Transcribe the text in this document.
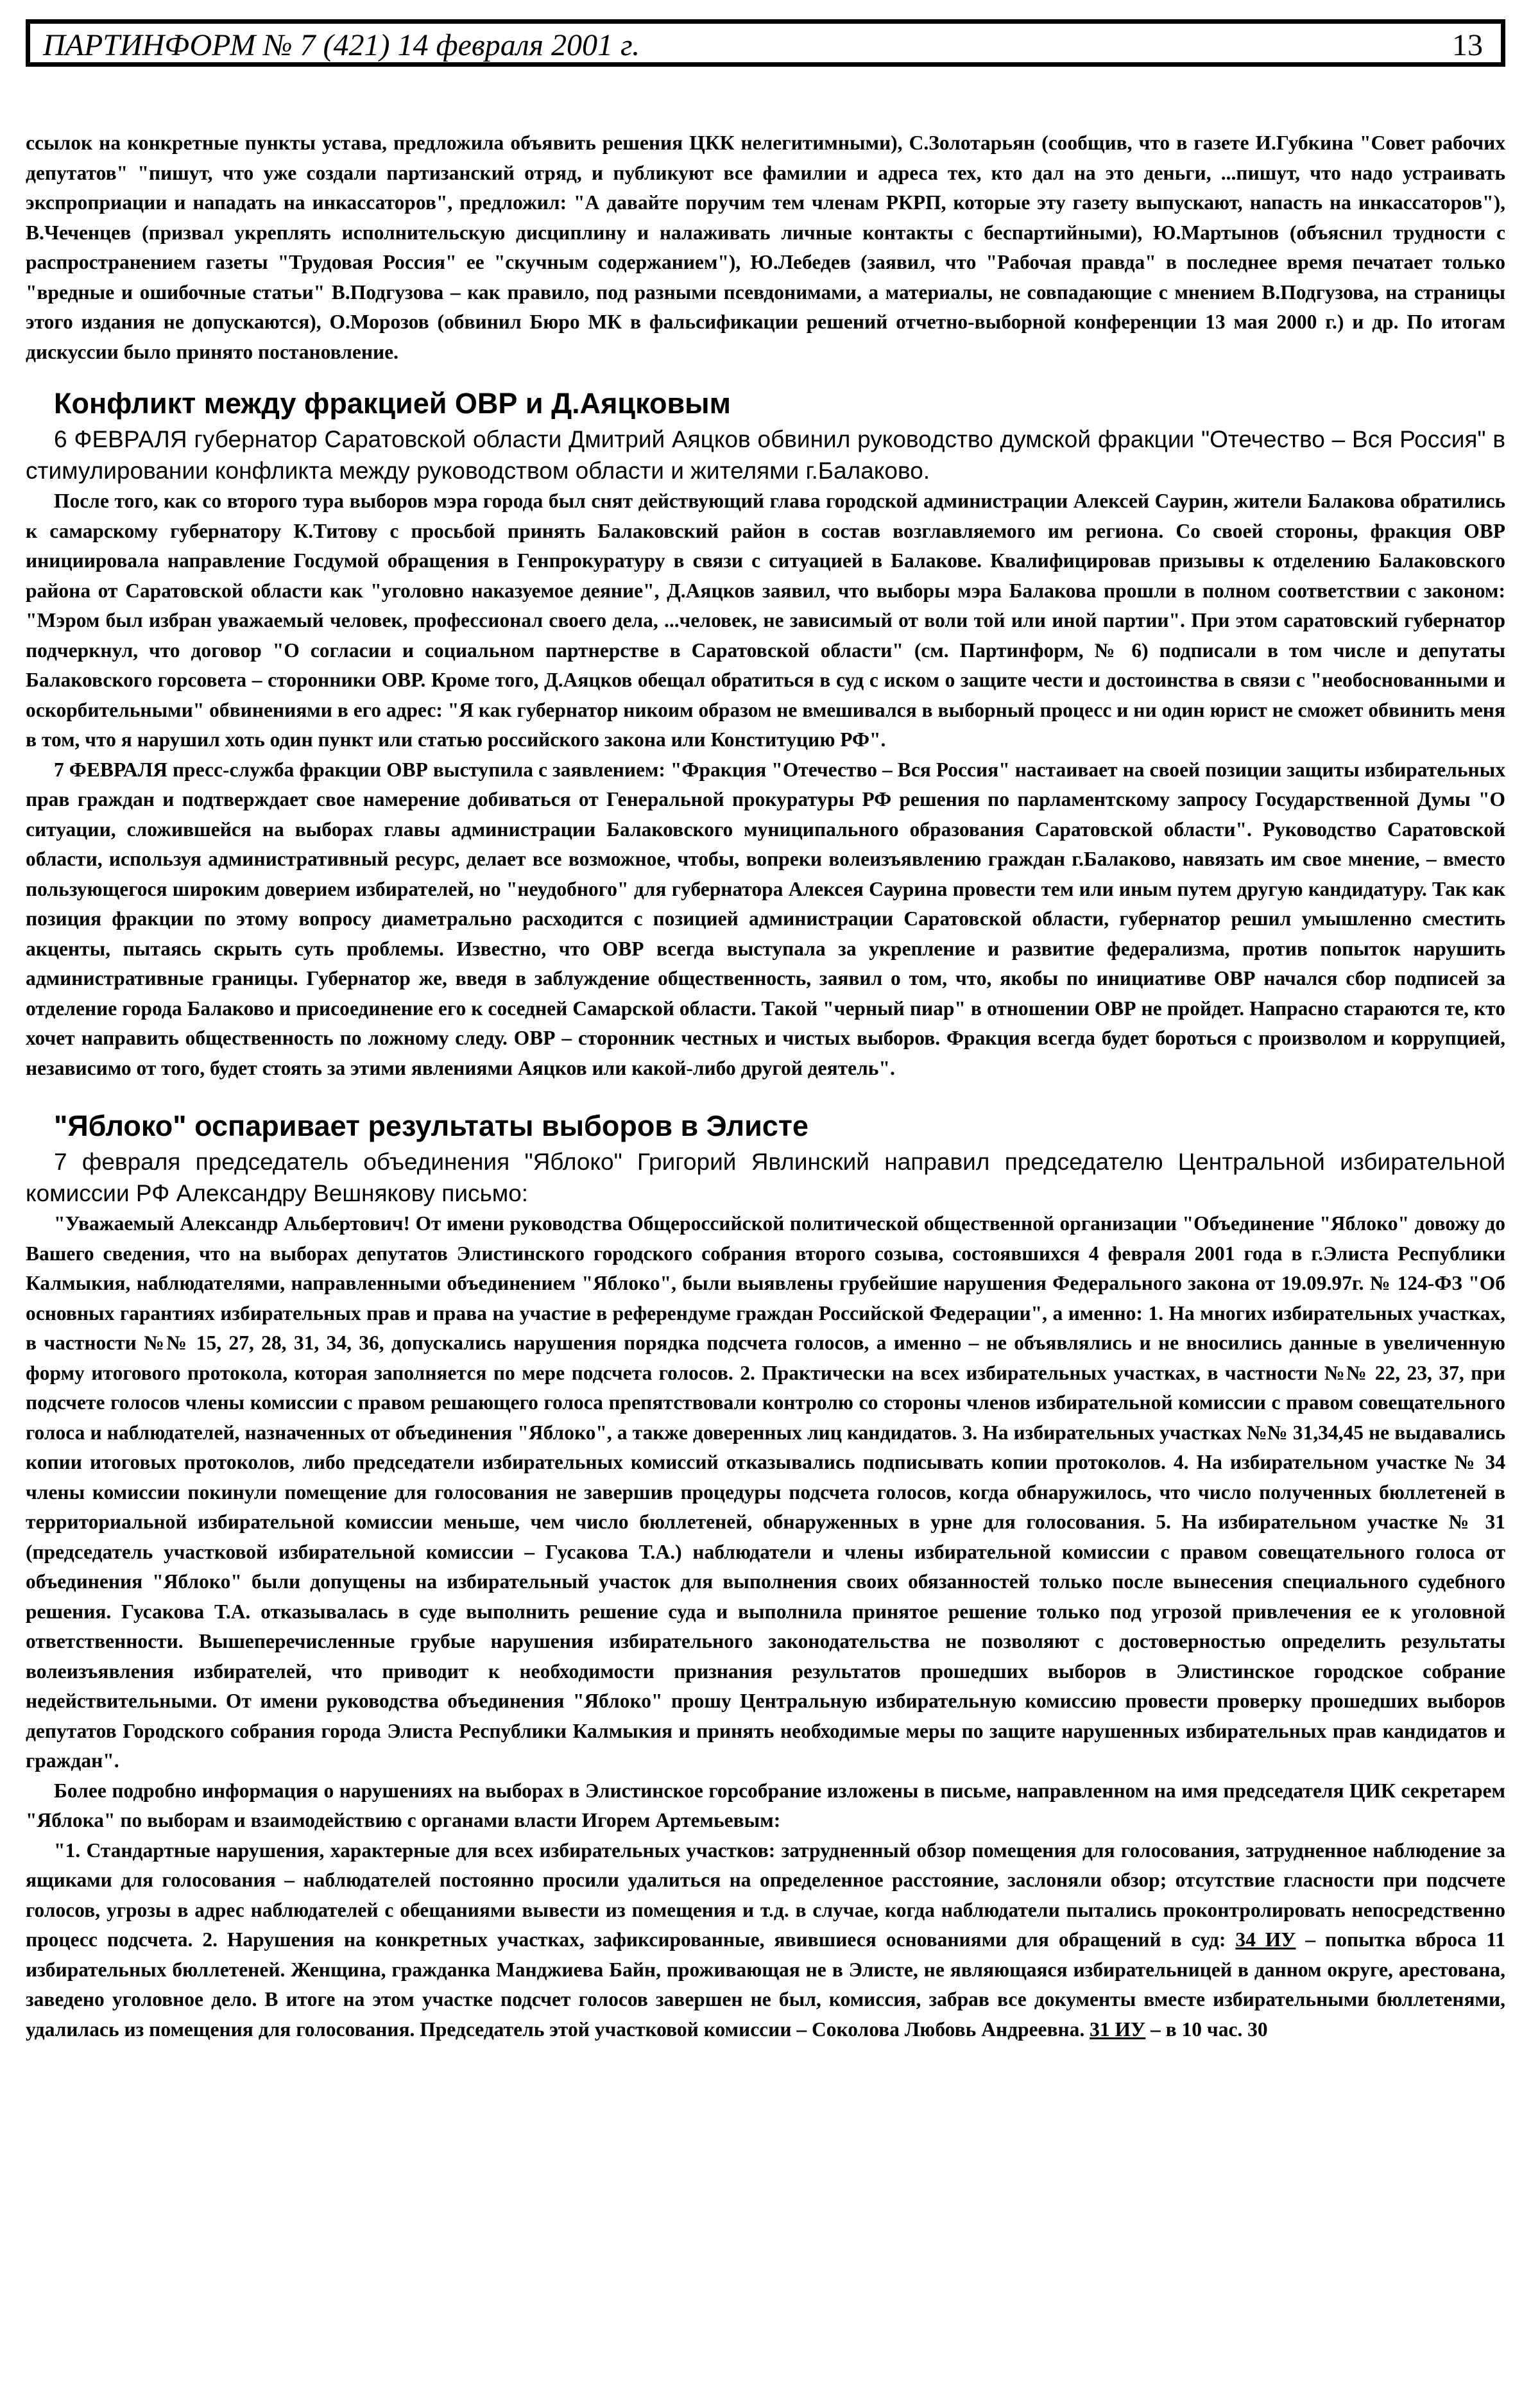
ПАРТИНФОРМ № 7 (421) 14 февраля 2001 г.	13

ссылок на конкретные пункты устава, предложила объявить решения ЦКК нелегитимными), С.Золотарьян (сообщив, что в газете И.Губкина "Совет рабочих депутатов" "пишут, что уже создали партизанский отряд, и публикуют все фамилии и адреса тех, кто дал на это деньги, ...пишут, что надо устраивать экспроприации и нападать на инкассаторов", предложил: "А давайте поручим тем членам РКРП, которые эту газету выпускают, напасть на инкассаторов"), В.Чеченцев (призвал укреплять исполнительскую дисциплину и налаживать личные контакты с беспартийными), Ю.Мартынов (объяснил трудности с распространением газеты "Трудовая Россия" ее "скучным содержанием"), Ю.Лебедев (заявил, что "Рабочая правда" в последнее время печатает только "вредные и ошибочные статьи" В.Подгузова – как правило, под разными псевдонимами, а материалы, не совпадающие с мнением В.Подгузова, на страницы этого издания не допускаются), О.Морозов (обвинил Бюро МК в фальсификации решений отчетно-выборной конференции 13 мая 2000 г.) и др. По итогам дискуссии было принято постановление.

Конфликт между фракцией ОВР и Д.Аяцковым
6 ФЕВРАЛЯ губернатор Саратовской области Дмитрий Аяцков обвинил руководство думской фракции "Отечество – Вся Россия" в стимулировании конфликта между руководством области и жителями г.Балаково.

После того, как со второго тура выборов мэра города был снят действующий глава городской администрации Алексей Саурин, жители Балакова обратились к самарскому губернатору К.Титову с просьбой принять Балаковский район в состав возглавляемого им региона. Со своей стороны, фракция ОВР инициировала направление Госдумой обращения в Генпрокуратуру в связи с ситуацией в Балакове. Квалифицировав призывы к отделению Балаковского района от Саратовской области как "уголовно наказуемое деяние", Д.Аяцков заявил, что выборы мэра Балакова прошли в полном соответствии с законом: "Мэром был избран уважаемый человек, профессионал своего дела, ...человек, не зависимый от воли той или иной партии". При этом саратовский губернатор подчеркнул, что договор "О согласии и социальном партнерстве в Саратовской области" (см. Партинформ, № 6) подписали в том числе и депутаты Балаковского горсовета – сторонники ОВР. Кроме того, Д.Аяцков обещал обратиться в суд с иском о защите чести и достоинства в связи с "необоснованными и оскорбительными" обвинениями в его адрес: "Я как губернатор никоим образом не вмешивался в выборный процесс и ни один юрист не сможет обвинить меня в том, что я нарушил хоть один пункт или статью российского закона или Конституцию РФ".

7 ФЕВРАЛЯ пресс-служба фракции ОВР выступила с заявлением: "Фракция "Отечество – Вся Россия" настаивает на своей позиции защиты избирательных прав граждан и подтверждает свое намерение добиваться от Генеральной прокуратуры РФ решения по парламентскому запросу Государственной Думы "О ситуации, сложившейся на выборах главы администрации Балаковского муниципального образования Саратовской области". Руководство Саратовской области, используя административный ресурс, делает все возможное, чтобы, вопреки волеизъявлению граждан г.Балаково, навязать им свое мнение, – вместо пользующегося широким доверием избирателей, но "неудобного" для губернатора Алексея Саурина провести тем или иным путем другую кандидатуру. Так как позиция фракции по этому вопросу диаметрально расходится с позицией администрации Саратовской области, губернатор решил умышленно сместить акценты, пытаясь скрыть суть проблемы. Известно, что ОВР всегда выступала за укрепление и развитие федерализма, против попыток нарушить административные границы. Губернатор же, введя в заблуждение общественность, заявил о том, что, якобы по инициативе ОВР начался сбор подписей за отделение города Балаково и присоединение его к соседней Самарской области. Такой "черный пиар" в отношении ОВР не пройдет. Напрасно стараются те, кто хочет направить общественность по ложному следу. ОВР – сторонник честных и чистых выборов. Фракция всегда будет бороться с произволом и коррупцией, независимо от того, будет стоять за этими явлениями Аяцков или какой-либо другой деятель".

"Яблоко" оспаривает результаты выборов в Элисте
7 февраля председатель объединения "Яблоко" Григорий Явлинский направил председателю Центральной избирательной комиссии РФ Александру Вешнякову письмо:

"Уважаемый Александр Альбертович! От имени руководства Общероссийской политической общественной организации "Объединение "Яблоко" довожу до Вашего сведения, что на выборах депутатов Элистинского городского собрания второго созыва, состоявшихся 4 февраля 2001 года в г.Элиста Республики Калмыкия, наблюдателями, направленными объединением "Яблоко", были выявлены грубейшие нарушения Федерального закона от 19.09.97г. № 124-ФЗ "Об основных гарантиях избирательных прав и права на участие в референдуме граждан Российской Федерации", а именно: 1. На многих избирательных участках, в частности №№ 15, 27, 28, 31, 34, 36, допускались нарушения порядка подсчета голосов, а именно – не объявлялись и не вносились данные в увеличенную форму итогового протокола, которая заполняется по мере подсчета голосов. 2. Практически на всех избирательных участках, в частности №№ 22, 23, 37, при подсчете голосов члены комиссии с правом решающего голоса препятствовали контролю со стороны членов избирательной комиссии с правом совещательного голоса и наблюдателей, назначенных от объединения "Яблоко", а также доверенных лиц кандидатов. 3. На избирательных участках №№ 31,34,45 не выдавались копии итоговых протоколов, либо председатели избирательных комиссий отказывались подписывать копии протоколов. 4. На избирательном участке № 34 члены комиссии покинули помещение для голосования не завершив процедуры подсчета голосов, когда обнаружилось, что число полученных бюллетеней в территориальной избирательной комиссии меньше, чем число бюллетеней, обнаруженных в урне для голосования. 5. На избирательном участке № 31 (председатель участковой избирательной комиссии – Гусакова Т.А.) наблюдатели и члены избирательной комиссии с правом совещательного голоса от объединения "Яблоко" были допущены на избирательный участок для выполнения своих обязанностей только после вынесения специального судебного решения. Гусакова Т.А. отказывалась в суде выполнить решение суда и выполнила принятое решение только под угрозой привлечения ее к уголовной ответственности. Вышеперечисленные грубые нарушения избирательного законодательства не позволяют с достоверностью определить результаты волеизъявления избирателей, что приводит к необходимости признания результатов прошедших выборов в Элистинское городское собрание недействительными. От имени руководства объединения "Яблоко" прошу Центральную избирательную комиссию провести проверку прошедших выборов депутатов Городского собрания города Элиста Республики Калмыкия и принять необходимые меры по защите нарушенных избирательных прав кандидатов и граждан".

Более подробно информация о нарушениях на выборах в Элистинское горсобрание изложены в письме, направленном на имя председателя ЦИК секретарем "Яблока" по выборам и взаимодействию с органами власти Игорем Артемьевым:

"1. Стандартные нарушения, характерные для всех избирательных участков: затрудненный обзор помещения для голосования, затрудненное наблюдение за ящиками для голосования – наблюдателей постоянно просили удалиться на определенное расстояние, заслоняли обзор; отсутствие гласности при подсчете голосов, угрозы в адрес наблюдателей с обещаниями вывести из помещения и т.д. в случае, когда наблюдатели пытались проконтролировать непосредственно процесс подсчета. 2. Нарушения на конкретных участках, зафиксированные, явившиеся основаниями для обращений в суд: 34 ИУ – попытка вброса 11 избирательных бюллетеней. Женщина, гражданка Манджиева Байн, проживающая не в Элисте, не являющаяся избирательницей в данном округе, арестована, заведено уголовное дело. В итоге на этом участке подсчет голосов завершен не был, комиссия, забрав все документы вместе избирательными бюллетенями, удалилась из помещения для голосования. Председатель этой участковой комиссии – Соколова Любовь Андреевна. 31 ИУ – в 10 час. 30
